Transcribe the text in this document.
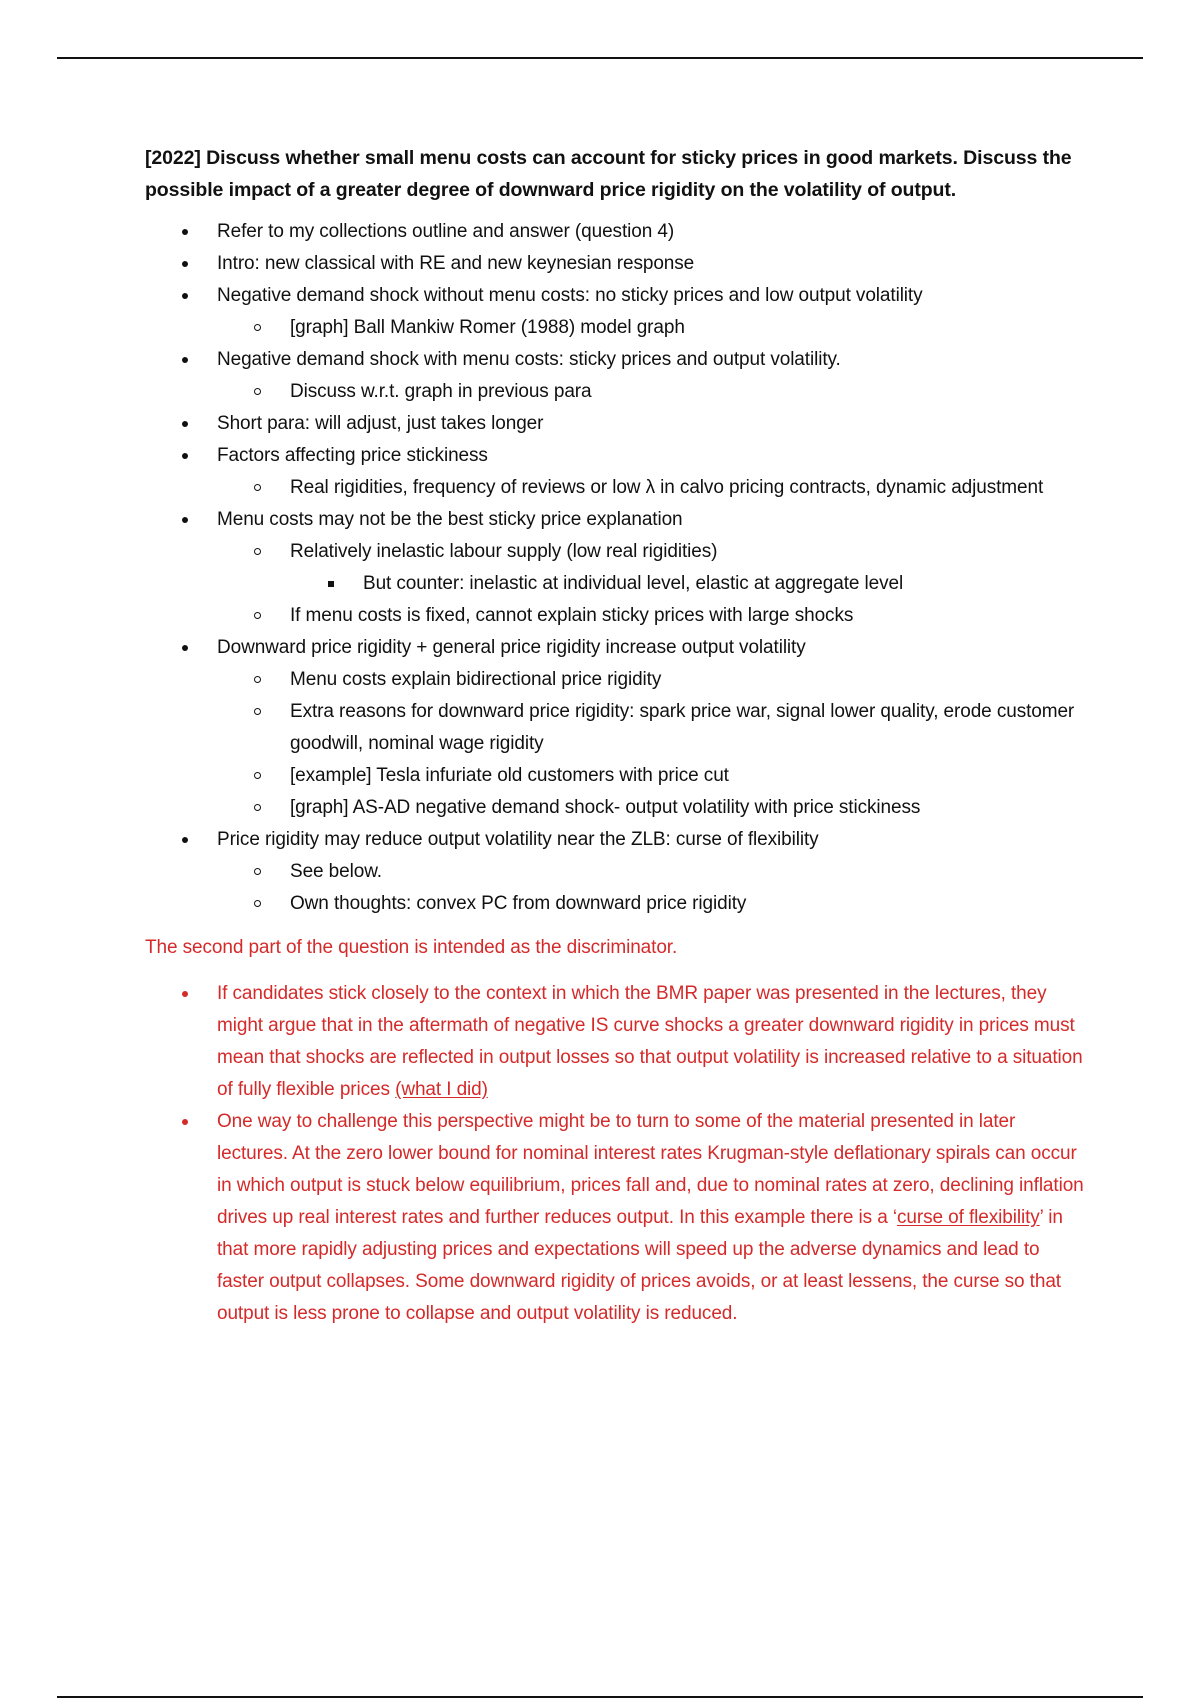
[2022] Discuss whether small menu costs can account for sticky prices in good markets. Discuss the possible impact of a greater degree of downward price rigidity on the volatility of output.

Refer to my collections outline and answer (question 4)
Intro: new classical with RE and new keynesian response
Negative demand shock without menu costs: no sticky prices and low output volatility
[graph] Ball Mankiw Romer (1988) model graph
Negative demand shock with menu costs: sticky prices and output volatility.
Discuss w.r.t. graph in previous para
Short para: will adjust, just takes longer
Factors affecting price stickiness
Real rigidities, frequency of reviews or low λ in calvo pricing contracts, dynamic adjustment
Menu costs may not be the best sticky price explanation
Relatively inelastic labour supply (low real rigidities)
But counter: inelastic at individual level, elastic at aggregate level
If menu costs is fixed, cannot explain sticky prices with large shocks
Downward price rigidity + general price rigidity increase output volatility
Menu costs explain bidirectional price rigidity
Extra reasons for downward price rigidity: spark price war, signal lower quality, erode customer goodwill, nominal wage rigidity
[example] Tesla infuriate old customers with price cut
[graph] AS-AD negative demand shock- output volatility with price stickiness
Price rigidity may reduce output volatility near the ZLB: curse of flexibility
See below.
Own thoughts: convex PC from downward price rigidity

The second part of the question is intended as the discriminator.

If candidates stick closely to the context in which the BMR paper was presented in the lectures, they might argue that in the aftermath of negative IS curve shocks a greater downward rigidity in prices must mean that shocks are reflected in output losses so that output volatility is increased relative to a situation of fully flexible prices (what I did)
One way to challenge this perspective might be to turn to some of the material presented in later lectures. At the zero lower bound for nominal interest rates Krugman-style deflationary spirals can occur in which output is stuck below equilibrium, prices fall and, due to nominal rates at zero, declining inflation drives up real interest rates and further reduces output. In this example there is a ‘curse of flexibility’ in that more rapidly adjusting prices and expectations will speed up the adverse dynamics and lead to faster output collapses. Some downward rigidity of prices avoids, or at least lessens, the curse so that output is less prone to collapse and output volatility is reduced.
